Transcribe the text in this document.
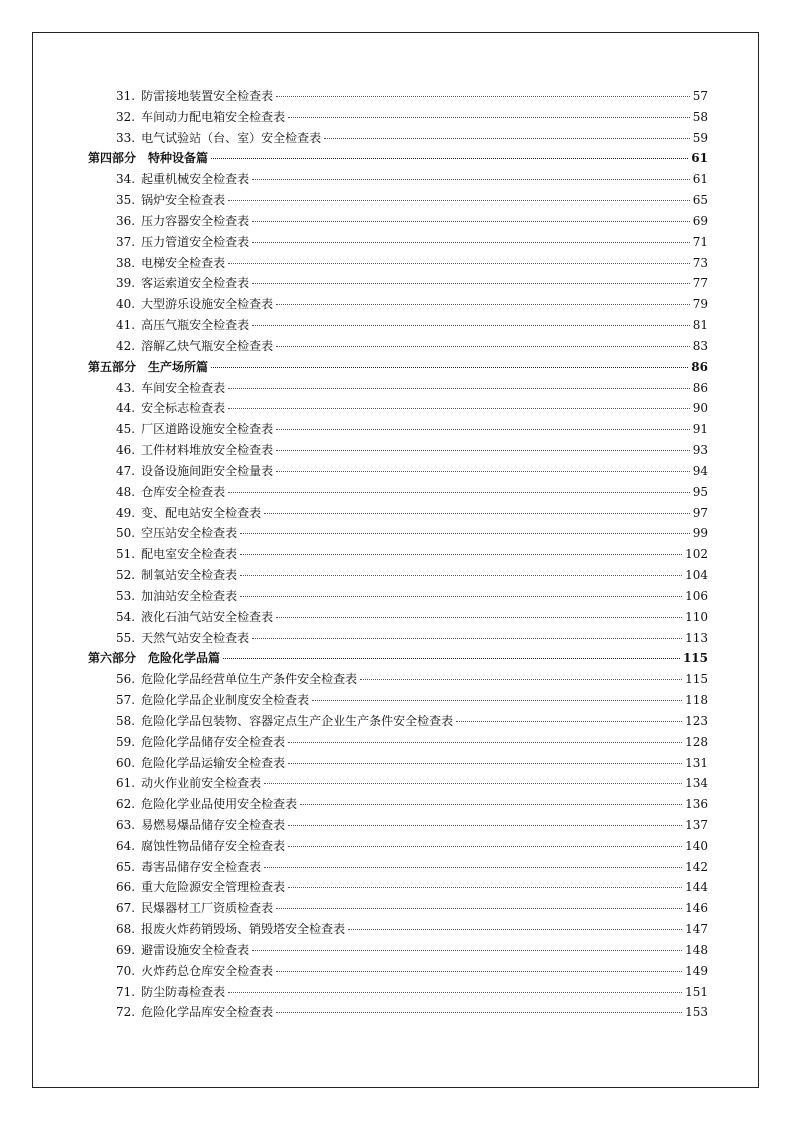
31. 防雷接地装置安全检查表	57
32. 车间动力配电箱安全检查表	58
33. 电气试验站（台、室）安全检查表	59
第四部分 特种设备篇	61
34. 起重机械安全检查表	61
35. 锅炉安全检查表	65
36. 压力容器安全检查表	69
37. 压力管道安全检查表	71
38. 电梯安全检查表	73
39. 客运索道安全检查表	77
40. 大型游乐设施安全检查表	79
41. 高压气瓶安全检查表	81
42. 溶解乙炔气瓶安全检查表	83
第五部分 生产场所篇	86
43. 车间安全检查表	86
44. 安全标志检查表	90
45. 厂区道路设施安全检查表	91
46. 工件材料堆放安全检查表	93
47. 设备设施间距安全检量表	94
48. 仓库安全检查表	95
49. 变、配电站安全检查表	97
50. 空压站安全检查表	99
51. 配电室安全检查表	102
52. 制氧站安全检查表	104
53. 加油站安全检查表	106
54. 液化石油气站安全检查表	110
55. 天然气站安全检查表	113
第六部分 危险化学品篇	115
56. 危险化学品经营单位生产条件安全检查表	115
57. 危险化学品企业制度安全检查表	118
58. 危险化学品包装物、容器定点生产企业生产条件安全检查表	123
59. 危险化学品储存安全检查表	128
60. 危险化学品运输安全检查表	131
61. 动火作业前安全检查表	134
62. 危险化学业品使用安全检查表	136
63. 易燃易爆品储存安全检查表	137
64. 腐蚀性物品储存安全检查表	140
65. 毒害品储存安全检查表	142
66. 重大危险源安全管理检查表	144
67. 民爆器材工厂资质检查表	146
68. 报废火炸药销毁场、销毁塔安全检查表	147
69. 避雷设施安全检查表	148
70. 火炸药总仓库安全检查表	149
71. 防尘防毒检查表	151
72. 危险化学品库安全检查表	153
